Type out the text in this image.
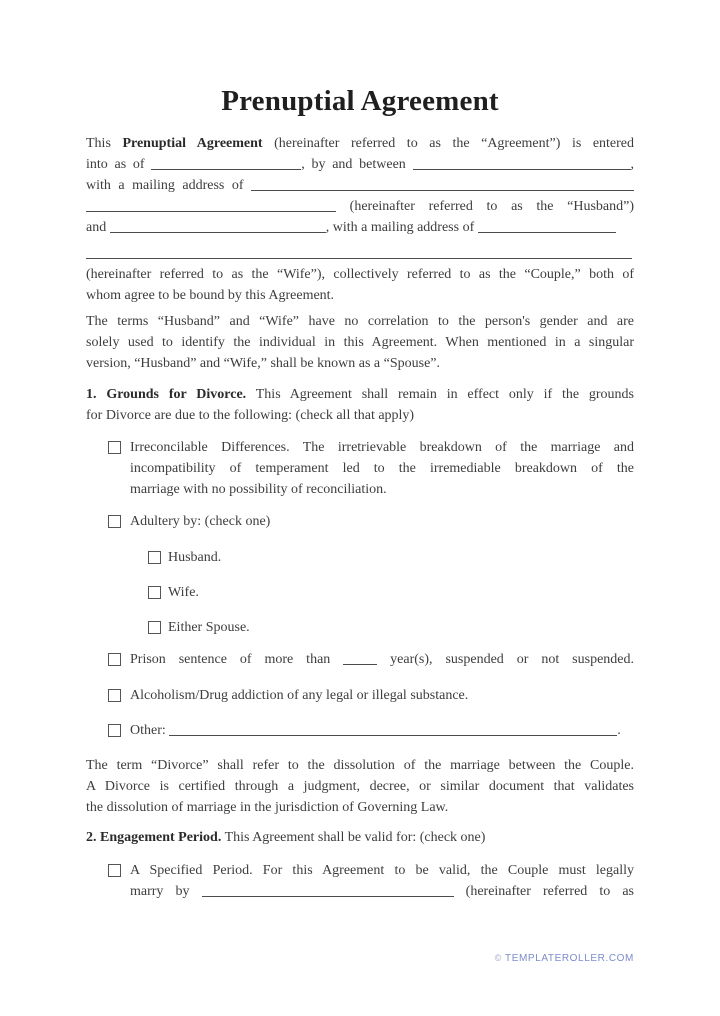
Prenuptial Agreement
This Prenuptial Agreement (hereinafter referred to as the “Agreement”) is entered
into as of	, by and between	,
with a mailing address of
(hereinafter referred to as the “Husband”)
and	, with a mailing address of
(hereinafter referred to as the “Wife”), collectively referred to as the “Couple,” both of
whom agree to be bound by this Agreement.
The terms “Husband” and “Wife” have no correlation to the person's gender and are
solely used to identify the individual in this Agreement. When mentioned in a singular
version, “Husband” and “Wife,” shall be known as a “Spouse”.
1. Grounds for Divorce. This Agreement shall remain in effect only if the grounds
for Divorce are due to the following: (check all that apply)
Irreconcilable Differences. The irretrievable breakdown of the marriage and
incompatibility of temperament led to the irremediable breakdown of the
marriage with no possibility of reconciliation.
Adultery by: (check one)
Husband.
Wife.
Either Spouse.
Prison sentence of more than  year(s), suspended or not suspended.
Alcoholism/Drug addiction of any legal or illegal substance.
Other:	.
The term “Divorce” shall refer to the dissolution of the marriage between the Couple.
A Divorce is certified through a judgment, decree, or similar document that validates
the dissolution of marriage in the jurisdiction of Governing Law.
2. Engagement Period. This Agreement shall be valid for: (check one)
A Specified Period. For this Agreement to be valid, the Couple must legally
marry by	(hereinafter referred to as
© TEMPLATEROLLER.COM
